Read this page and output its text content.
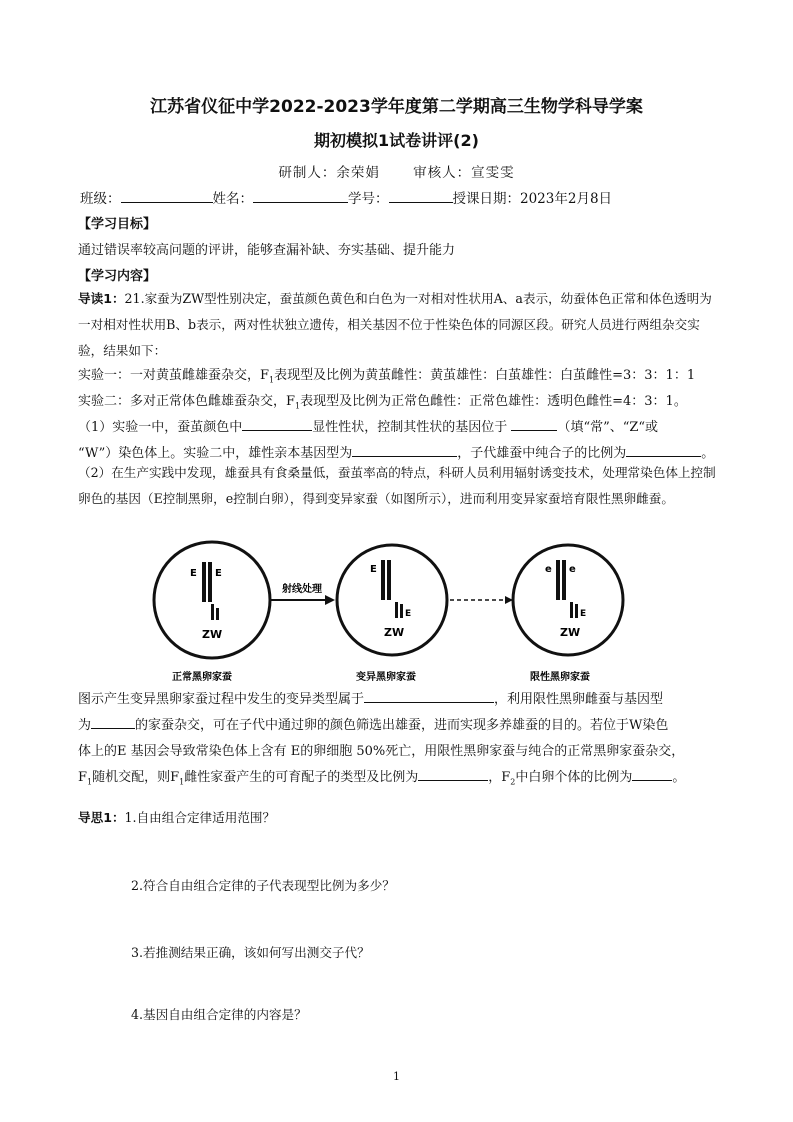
江苏省仪征中学2022-2023学年度第二学期高三生物学科导学案
期初模拟1试卷讲评(2)
研制人：余荣娟 审核人：宣雯雯
班级：	姓名：	学号：	授课日期：2023年2月8日
【学习目标】
通过错误率较高问题的评讲，能够查漏补缺、夯实基础、提升能力
【学习内容】
导读1：21.家蚕为ZW型性别决定，蚕茧颜色黄色和白色为一对相对性状用A、a表示，幼蚕体色正常和体色透明为一对相对性状用B、b表示，两对性状独立遗传，相关基因不位于性染色体的同源区段。研究人员进行两组杂交实验，结果如下：
实验一：一对黄茧雌雄蚕杂交，$F_1$表现型及比例为黄茧雌性：黄茧雄性：白茧雄性：白茧雌性=3：3：1：1
实验二：多对正常体色雌雄蚕杂交，$F_1$表现型及比例为正常色雌性：正常色雄性：透明色雌性=4：3：1。
（1）实验一中，蚕茧颜色中	显性性状，控制其性状的基因位于	（填“常”、“Z“或
“W”）染色体上。实验二中，雄性亲本基因型为	，子代雄蚕中纯合子的比例为	。
（2）在生产实践中发现，雄蚕具有食桑量低，蚕茧率高的特点，科研人员利用辐射诱变技术，处理常染色体上控制卵色的基因（E控制黑卵，e控制白卵），得到变异家蚕（如图所示），进而利用变异家蚕培育限性黑卵雌蚕。
E E
ZW
正常黑卵家蚕
射线处理
E
E
ZW
变异黑卵家蚕
e e
E
ZW
限性黑卵家蚕
图示产生变异黑卵家蚕过程中发生的变异类型属于	，利用限性黑卵雌蚕与基因型
为	的家蚕杂交，可在子代中通过卵的颜色筛选出雄蚕，进而实现多养雄蚕的目的。若位于W染色
体上的E 基因会导致常染色体上含有 E的卵细胞 50%死亡，用限性黑卵家蚕与纯合的正常黑卵家蚕杂交，
$F_1$随机交配，则$F_1$雌性家蚕产生的可育配子的类型及比例为	，$F_2$中白卵个体的比例为	。
导思1：1.自由组合定律适用范围？
2.符合自由组合定律的子代表现型比例为多少？
3.若推测结果正确，该如何写出测交子代？
4.基因自由组合定律的内容是？
1
